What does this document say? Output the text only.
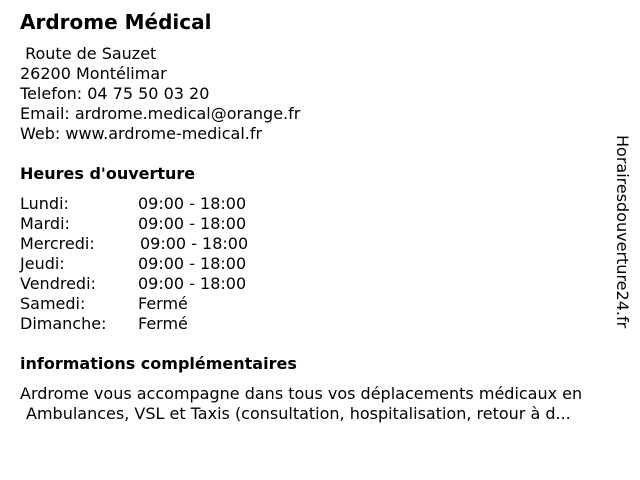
Ardrome Médical
Route de Sauzet
26200 Montélimar
Telefon: 04 75 50 03 20
Email: ardrome.medical@orange.fr
Web: www.ardrome-medical.fr
Heures d'ouverture
Lundi:	09:00 - 18:00
Mardi:	09:00 - 18:00
Mercredi:	09:00 - 18:00
Jeudi:	09:00 - 18:00
Vendredi:	09:00 - 18:00
Samedi:	Fermé
Dimanche: Fermé
informations complémentaires
Ardrome vous accompagne dans tous vos déplacements médicaux en
Ambulances, VSL et Taxis (consultation, hospitalisation, retour à d...
Horairesdouverture24.fr
